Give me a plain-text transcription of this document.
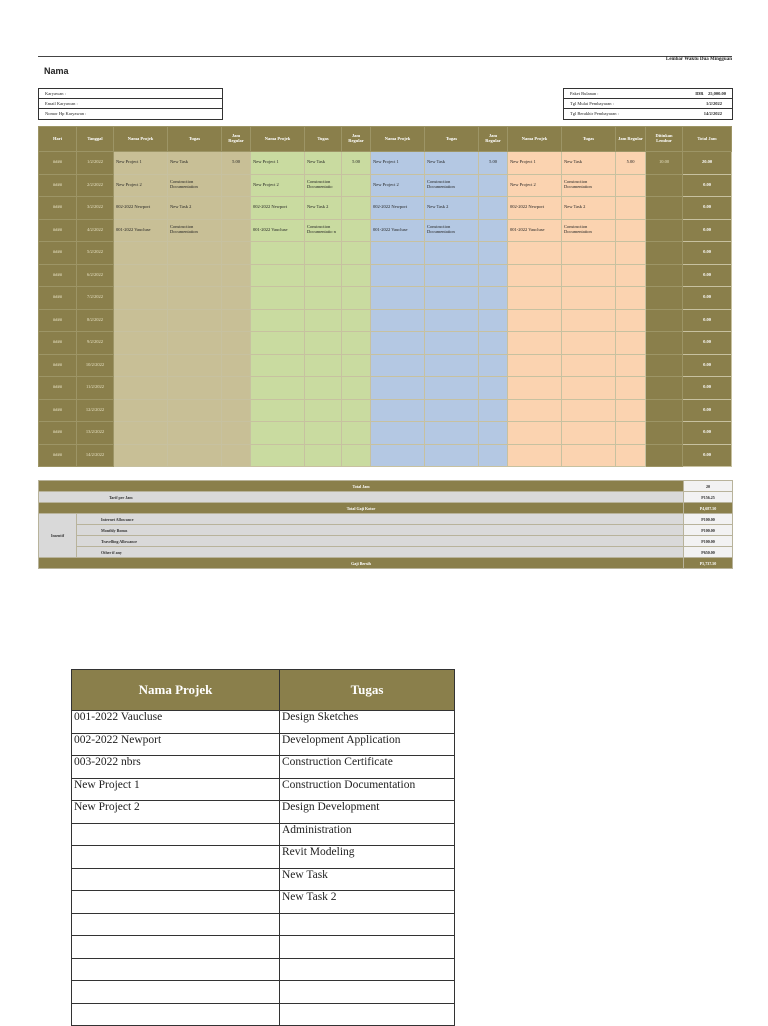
Lembar Waktu Dua Mingguan
Nama
Karyawan :
Email Karyawan :
Nomor Hp Karyawan :
Paket Bulanan :	IDR 25,000.00
Tgl Mulai Pembayaran :	1/2/2022
Tgl Berakhir Pembayaran :	14/2/2022
Hari	Tanggal	Nama Projek	Tugas	Jam Regular	Nama Projek	Tugas	Jam Regular	Nama Projek	Tugas	Jam Regular	Nama Projek	Tugas	Jam Regular	Ditinkan Lembur	Total Jam
####	1/2/2022	New Project 1	New Task	5.00	New Project 1	New Task	5.00	New Project 1	New Task	5.00	New Project 1	New Task	5.00	10.00	20.00
####	2/2/2022	New Project 2	Construction Documentation		New Project 2	Construction Documentatio		New Project 2	Construction Documentation		New Project 2	Construction Documentation			0.00
####	3/2/2022	002-2022 Newport	New Task 2		002-2022 Newport	New Task 2		002-2022 Newport	New Task 2		002-2022 Newport	New Task 2			0.00
####	4/2/2022	001-2022 Vaucluse	Construction Documentation		001-2022 Vaucluse	Construction Documentatio n		001-2022 Vaucluse	Construction Documentation		001-2022 Vaucluse	Construction Documentation			0.00
####	5/2/2022														0.00
####	6/2/2022														0.00
####	7/2/2022														0.00
####	8/2/2022														0.00
####	9/2/2022														0.00
####	10/2/2022														0.00
####	11/2/2022														0.00
####	12/2/2022														0.00
####	13/2/2022														0.00
####	14/2/2022														0.00
Total Jam		20
Tarif per Jam		P156.25
Total Gaji Kotor		P4,687.50
Insentif	Internet Allowance	P100.00
	Monthly Bonus	P100.00
	Travelling Allowance	P100.00
	Other if any	P650.00
Gaji Bersih		P5,737.50
Nama Projek	Tugas
001-2022 Vaucluse	Design Sketches
002-2022 Newport	Development Application
003-2022 nbrs	Construction Certificate
New Project 1	Construction Documentation
New Project 2	Design Development
	Administration
	Revit Modeling
	New Task
	New Task 2
